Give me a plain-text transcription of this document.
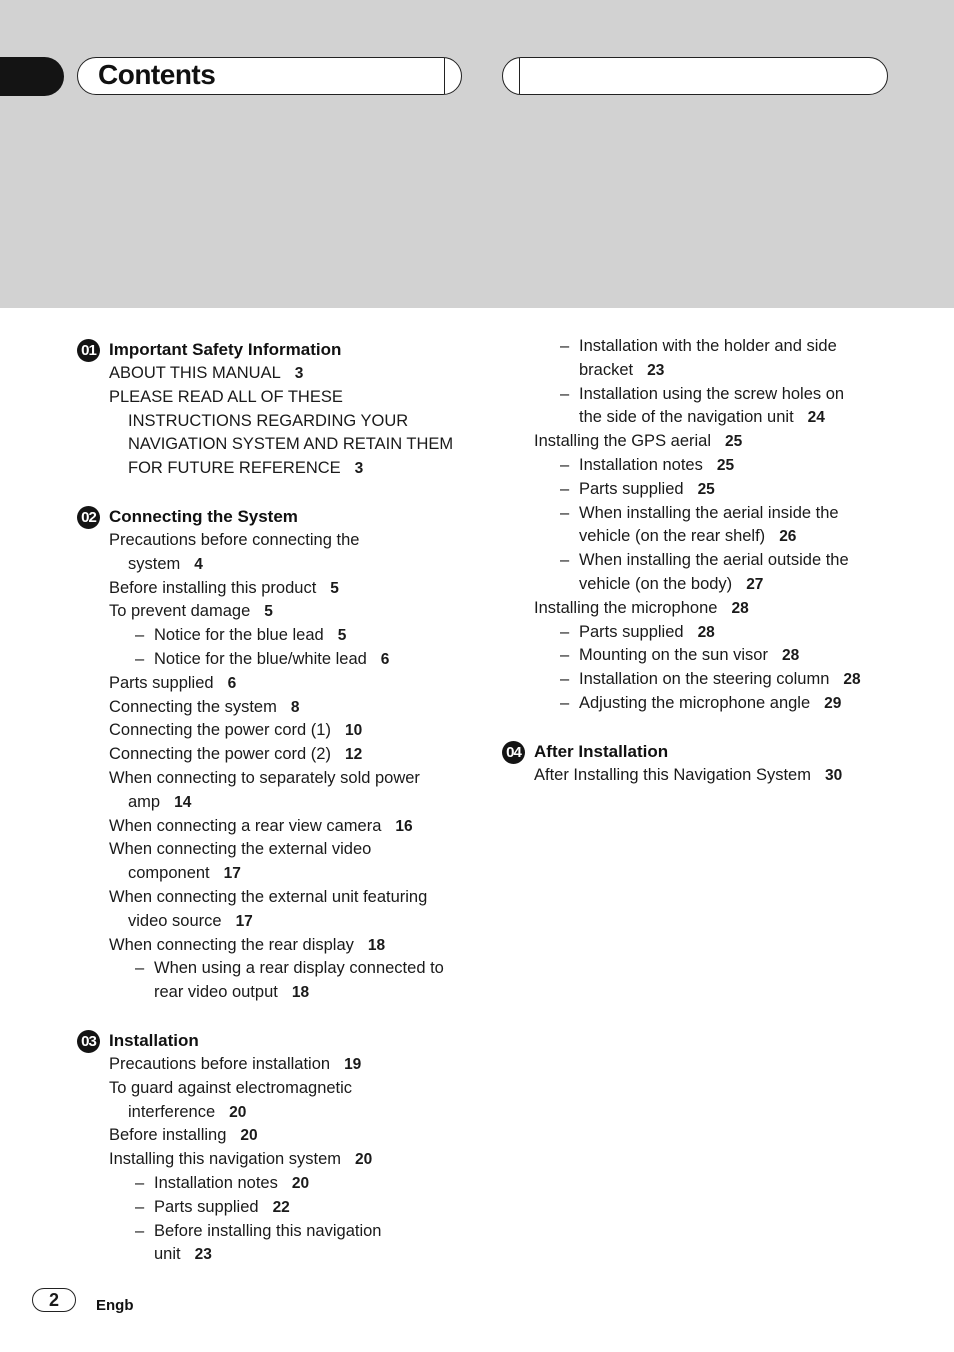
Contents
01 Important Safety Information
ABOUT THIS MANUAL 3
PLEASE READ ALL OF THESE
INSTRUCTIONS REGARDING YOUR
NAVIGATION SYSTEM AND RETAIN THEM
FOR FUTURE REFERENCE 3
02 Connecting the System
Precautions before connecting the
system 4
Before installing this product 5
To prevent damage 5
– Notice for the blue lead 5
– Notice for the blue/white lead 6
Parts supplied 6
Connecting the system 8
Connecting the power cord (1) 10
Connecting the power cord (2) 12
When connecting to separately sold power
amp 14
When connecting a rear view camera 16
When connecting the external video
component 17
When connecting the external unit featuring
video source 17
When connecting the rear display 18
– When using a rear display connected to
rear video output 18
03 Installation
Precautions before installation 19
To guard against electromagnetic
interference 20
Before installing 20
Installing this navigation system 20
– Installation notes 20
– Parts supplied 22
– Before installing this navigation
unit 23
– Installation with the holder and side
bracket 23
– Installation using the screw holes on
the side of the navigation unit 24
Installing the GPS aerial 25
– Installation notes 25
– Parts supplied 25
– When installing the aerial inside the
vehicle (on the rear shelf) 26
– When installing the aerial outside the
vehicle (on the body) 27
Installing the microphone 28
– Parts supplied 28
– Mounting on the sun visor 28
– Installation on the steering column 28
– Adjusting the microphone angle 29
04 After Installation
After Installing this Navigation System 30
2	Engb
